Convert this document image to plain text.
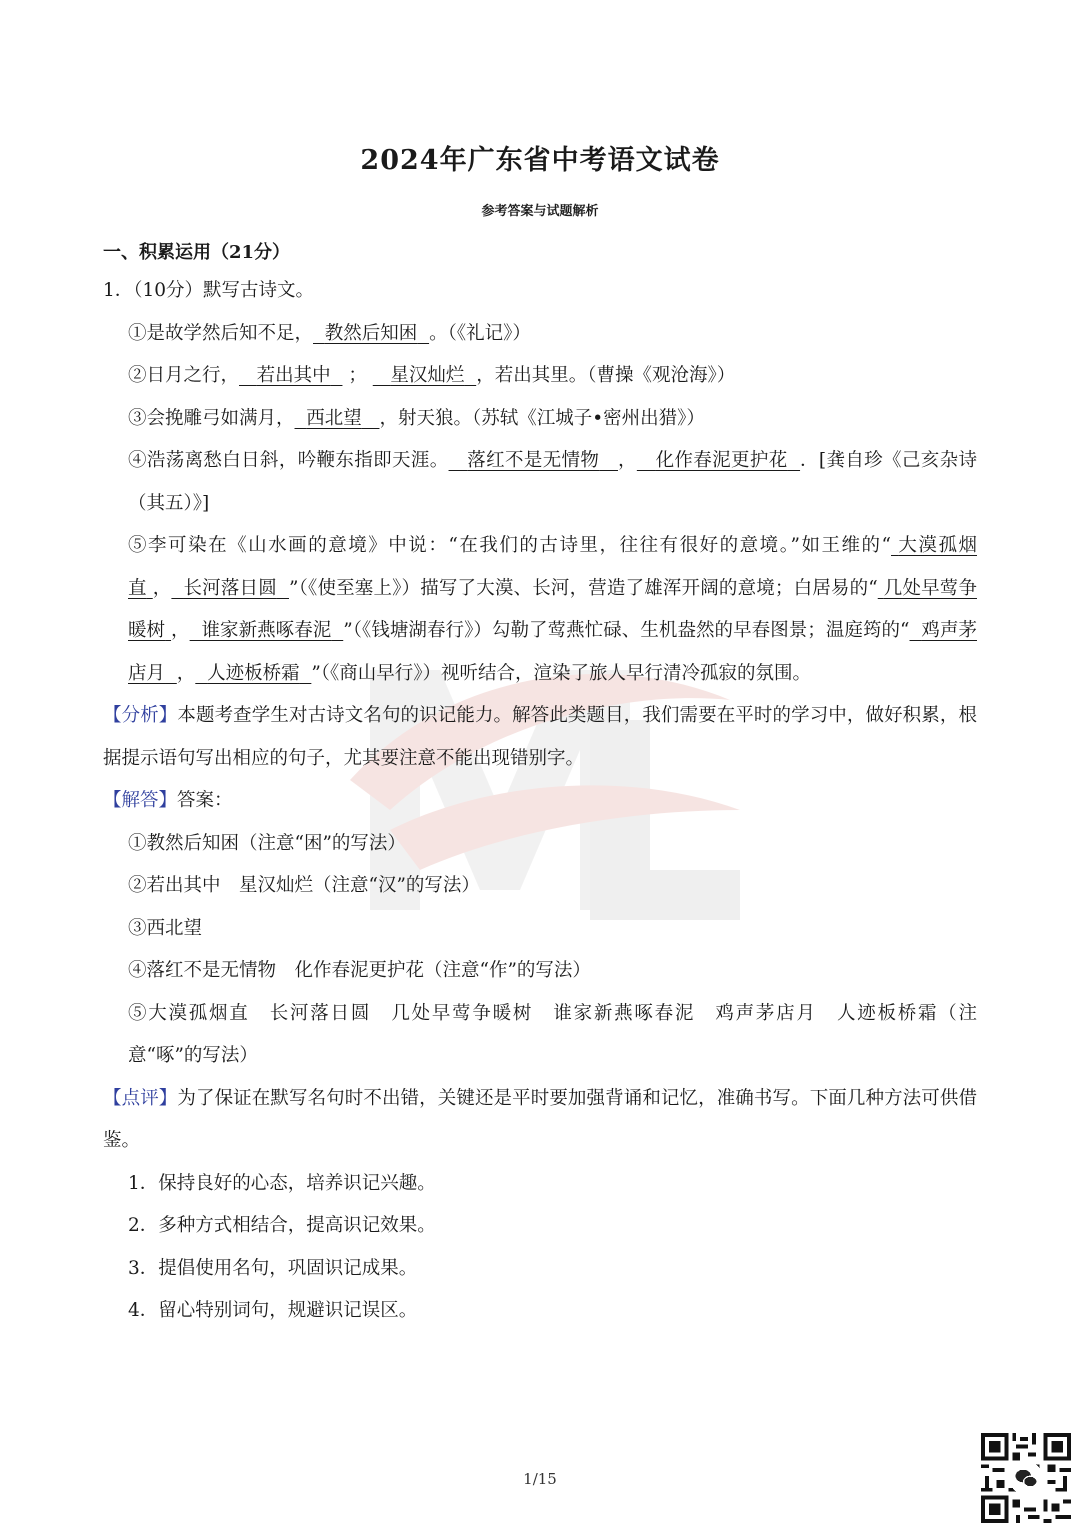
2024年广东省中考语文试卷
参考答案与试题解析
一、积累运用（21分）

1．（10分）默写古诗文。

①是故学然后知不足， 教然后知困 。（《礼记》）

②日月之行， 若出其中 ； 星汉灿烂 ，若出其里。（曹操《观沧海》）

③会挽雕弓如满月， 西北望 ，射天狼。（苏轼《江城子•密州出猎》）

④浩荡离愁白日斜，吟鞭东指即天涯。 落红不是无情物 ， 化作春泥更护花 ．[龚自珍《己亥杂诗（其五）》]

⑤李可染在《山水画的意境》中说：“在我们的古诗里，往往有很好的意境。”如王维的“ 大漠孤烟直 ， 长河落日圆 ”（《使至塞上》）描写了大漠、长河，营造了雄浑开阔的意境；白居易的“ 几处早莺争暖树 ， 谁家新燕啄春泥 ”（《钱塘湖春行》）勾勒了莺燕忙碌、生机盎然的早春图景；温庭筠的“ 鸡声茅店月 ， 人迹板桥霜 ”（《商山早行》）视听结合，渲染了旅人早行清冷孤寂的氛围。

【分析】本题考查学生对古诗文名句的识记能力。解答此类题目，我们需要在平时的学习中，做好积累，根据提示语句写出相应的句子，尤其要注意不能出现错别字。

【解答】答案：

①教然后知困（注意“困”的写法）

②若出其中　星汉灿烂（注意“汉”的写法）

③西北望

④落红不是无情物　化作春泥更护花（注意“作”的写法）

⑤大漠孤烟直　长河落日圆　几处早莺争暖树　谁家新燕啄春泥　鸡声茅店月　人迹板桥霜（注意“啄”的写法）

【点评】为了保证在默写名句时不出错，关键还是平时要加强背诵和记忆，准确书写。下面几种方法可供借鉴。

1．保持良好的心态，培养识记兴趣。

2．多种方式相结合，提高识记效果。

3．提倡使用名句，巩固识记成果。

4．留心特别词句，规避识记误区。

1/15
